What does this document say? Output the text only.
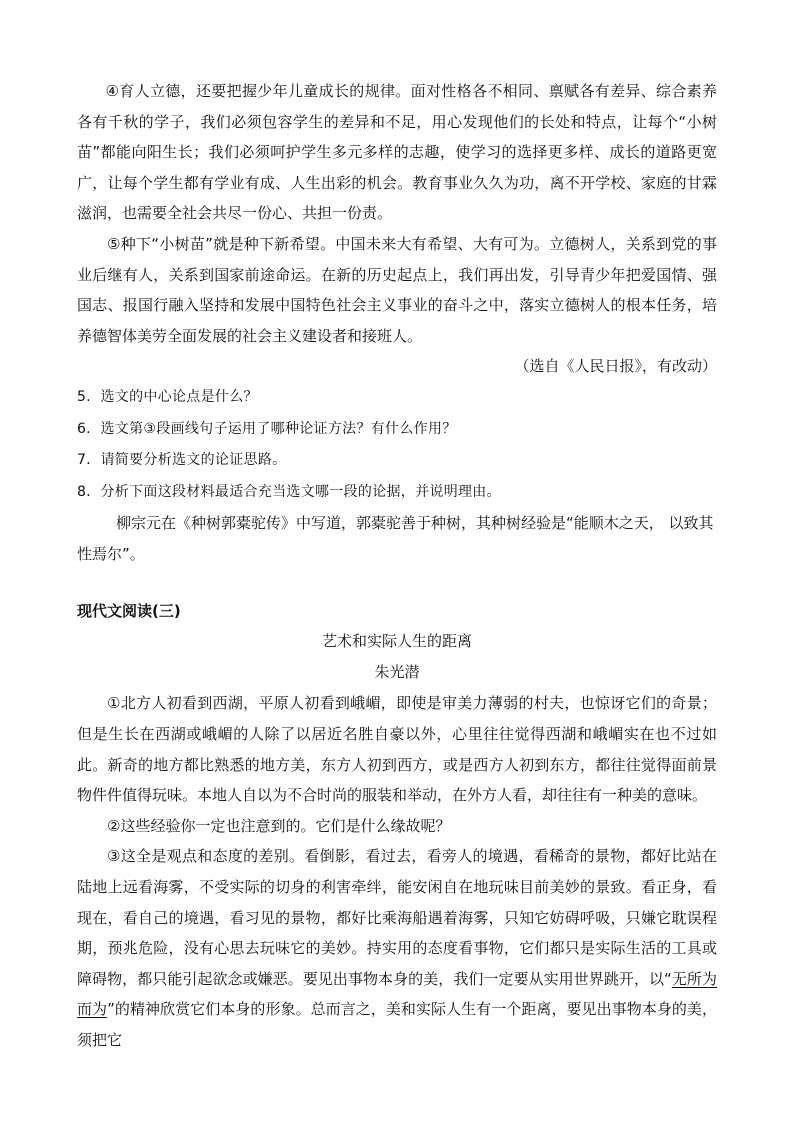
④育人立德，还要把握少年儿童成长的规律。面对性格各不相同、禀赋各有差异、综合素养各有千秋的学子，我们必须包容学生的差异和不足，用心发现他们的长处和特点，让每个“小树苗”都能向阳生长；我们必须呵护学生多元多样的志趣，使学习的选择更多样、成长的道路更宽广，让每个学生都有学业有成、人生出彩的机会。教育事业久久为功，离不开学校、家庭的甘霖滋润，也需要全社会共尽一份心、共担一份责。

⑤种下“小树苗”就是种下新希望。中国未来大有希望、大有可为。立德树人，关系到党的事业后继有人，关系到国家前途命运。在新的历史起点上，我们再出发，引导青少年把爱国情、强国志、报国行融入坚持和发展中国特色社会主义事业的奋斗之中，落实立德树人的根本任务，培养德智体美劳全面发展的社会主义建设者和接班人。

（选自《人民日报》，有改动）

5．选文的中心论点是什么？

6．选文第③段画线句子运用了哪种论证方法？有什么作用？

7．请简要分析选文的论证思路。

8．分析下面这段材料最适合充当选文哪一段的论据，并说明理由。

柳宗元在《种树郭橐驼传》中写道，郭橐驼善于种树，其种树经验是“能顺木之天， 以致其性焉尔”。

现代文阅读(三)

艺术和实际人生的距离

朱光潜

①北方人初看到西湖，平原人初看到峨嵋，即使是审美力薄弱的村夫，也惊讶它们的奇景；但是生长在西湖或峨嵋的人除了以居近名胜自豪以外，心里往往觉得西湖和峨嵋实在也不过如此。新奇的地方都比熟悉的地方美，东方人初到西方，或是西方人初到东方，都往往觉得面前景物件件值得玩味。本地人自以为不合时尚的服装和举动，在外方人看，却往往有一种美的意味。

②这些经验你一定也注意到的。它们是什么缘故呢？

③这全是观点和态度的差别。看倒影，看过去，看旁人的境遇，看稀奇的景物，都好比站在陆地上远看海雾，不受实际的切身的利害牵绊，能安闲自在地玩味目前美妙的景致。看正身，看现在，看自己的境遇，看习见的景物，都好比乘海船遇着海雾，只知它妨碍呼吸，只嫌它耽误程期，预兆危险，没有心思去玩味它的美妙。持实用的态度看事物，它们都只是实际生活的工具或障碍物，都只能引起欲念或嫌恶。要见出事物本身的美，我们一定要从实用世界跳开，以“无所为而为”的精神欣赏它们本身的形象。总而言之，美和实际人生有一个距离，要见出事物本身的美，须把它
